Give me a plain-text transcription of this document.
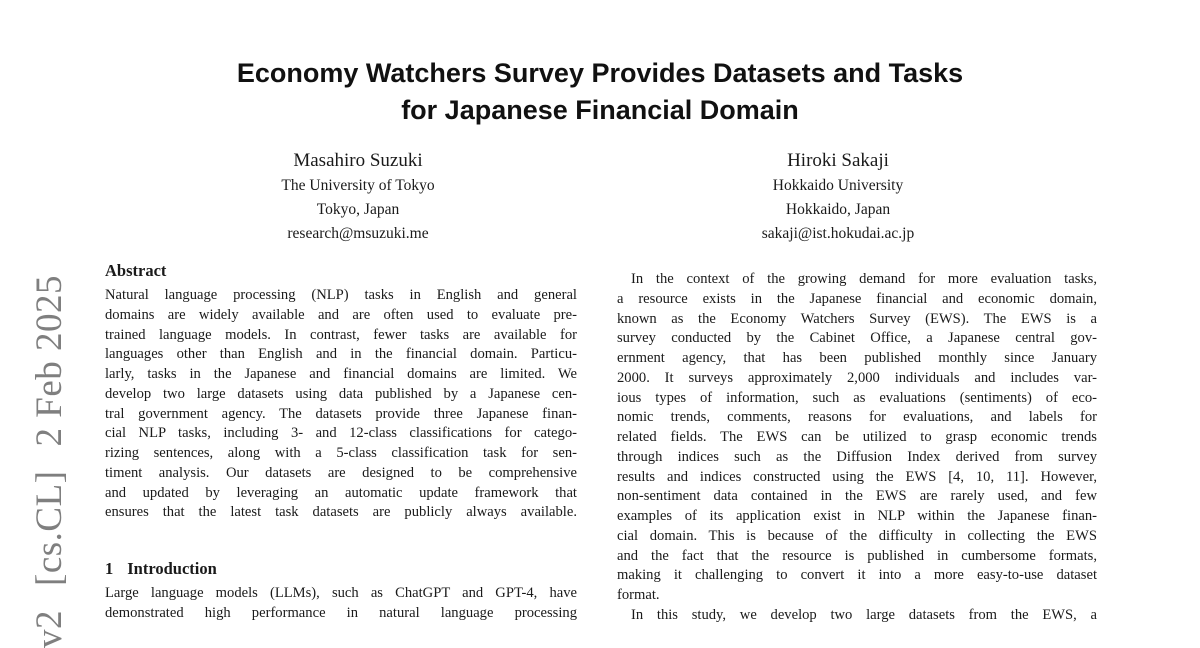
v2[cs.CL]2 Feb 2025
Economy Watchers Survey Provides Datasets and Tasks
for Japanese Financial Domain
Masahiro Suzuki
The University of Tokyo
Tokyo, Japan
research@msuzuki.me
Hiroki Sakaji
Hokkaido University
Hokkaido, Japan
sakaji@ist.hokudai.ac.jp
Abstract
Natural language processing (NLP) tasks in English and general
domains are widely available and are often used to evaluate pre-
trained language models. In contrast, fewer tasks are available for
languages other than English and in the financial domain. Particu-
larly, tasks in the Japanese and financial domains are limited. We
develop two large datasets using data published by a Japanese cen-
tral government agency. The datasets provide three Japanese finan-
cial NLP tasks, including 3- and 12-class classifications for catego-
rizing sentences, along with a 5-class classification task for sen-
timent analysis. Our datasets are designed to be comprehensive
and updated by leveraging an automatic update framework that
ensures that the latest task datasets are publicly always available.
1 Introduction
Large language models (LLMs), such as ChatGPT and GPT-4, have
demonstrated high performance in natural language processing
In the context of the growing demand for more evaluation tasks,
a resource exists in the Japanese financial and economic domain,
known as the Economy Watchers Survey (EWS). The EWS is a
survey conducted by the Cabinet Office, a Japanese central gov-
ernment agency, that has been published monthly since January
2000. It surveys approximately 2,000 individuals and includes var-
ious types of information, such as evaluations (sentiments) of eco-
nomic trends, comments, reasons for evaluations, and labels for
related fields. The EWS can be utilized to grasp economic trends
through indices such as the Diffusion Index derived from survey
results and indices constructed using the EWS [4, 10, 11]. However,
non-sentiment data contained in the EWS are rarely used, and few
examples of its application exist in NLP within the Japanese finan-
cial domain. This is because of the difficulty in collecting the EWS
and the fact that the resource is published in cumbersome formats,
making it challenging to convert it into a more easy-to-use dataset
format.
In this study, we develop two large datasets from the EWS, a
